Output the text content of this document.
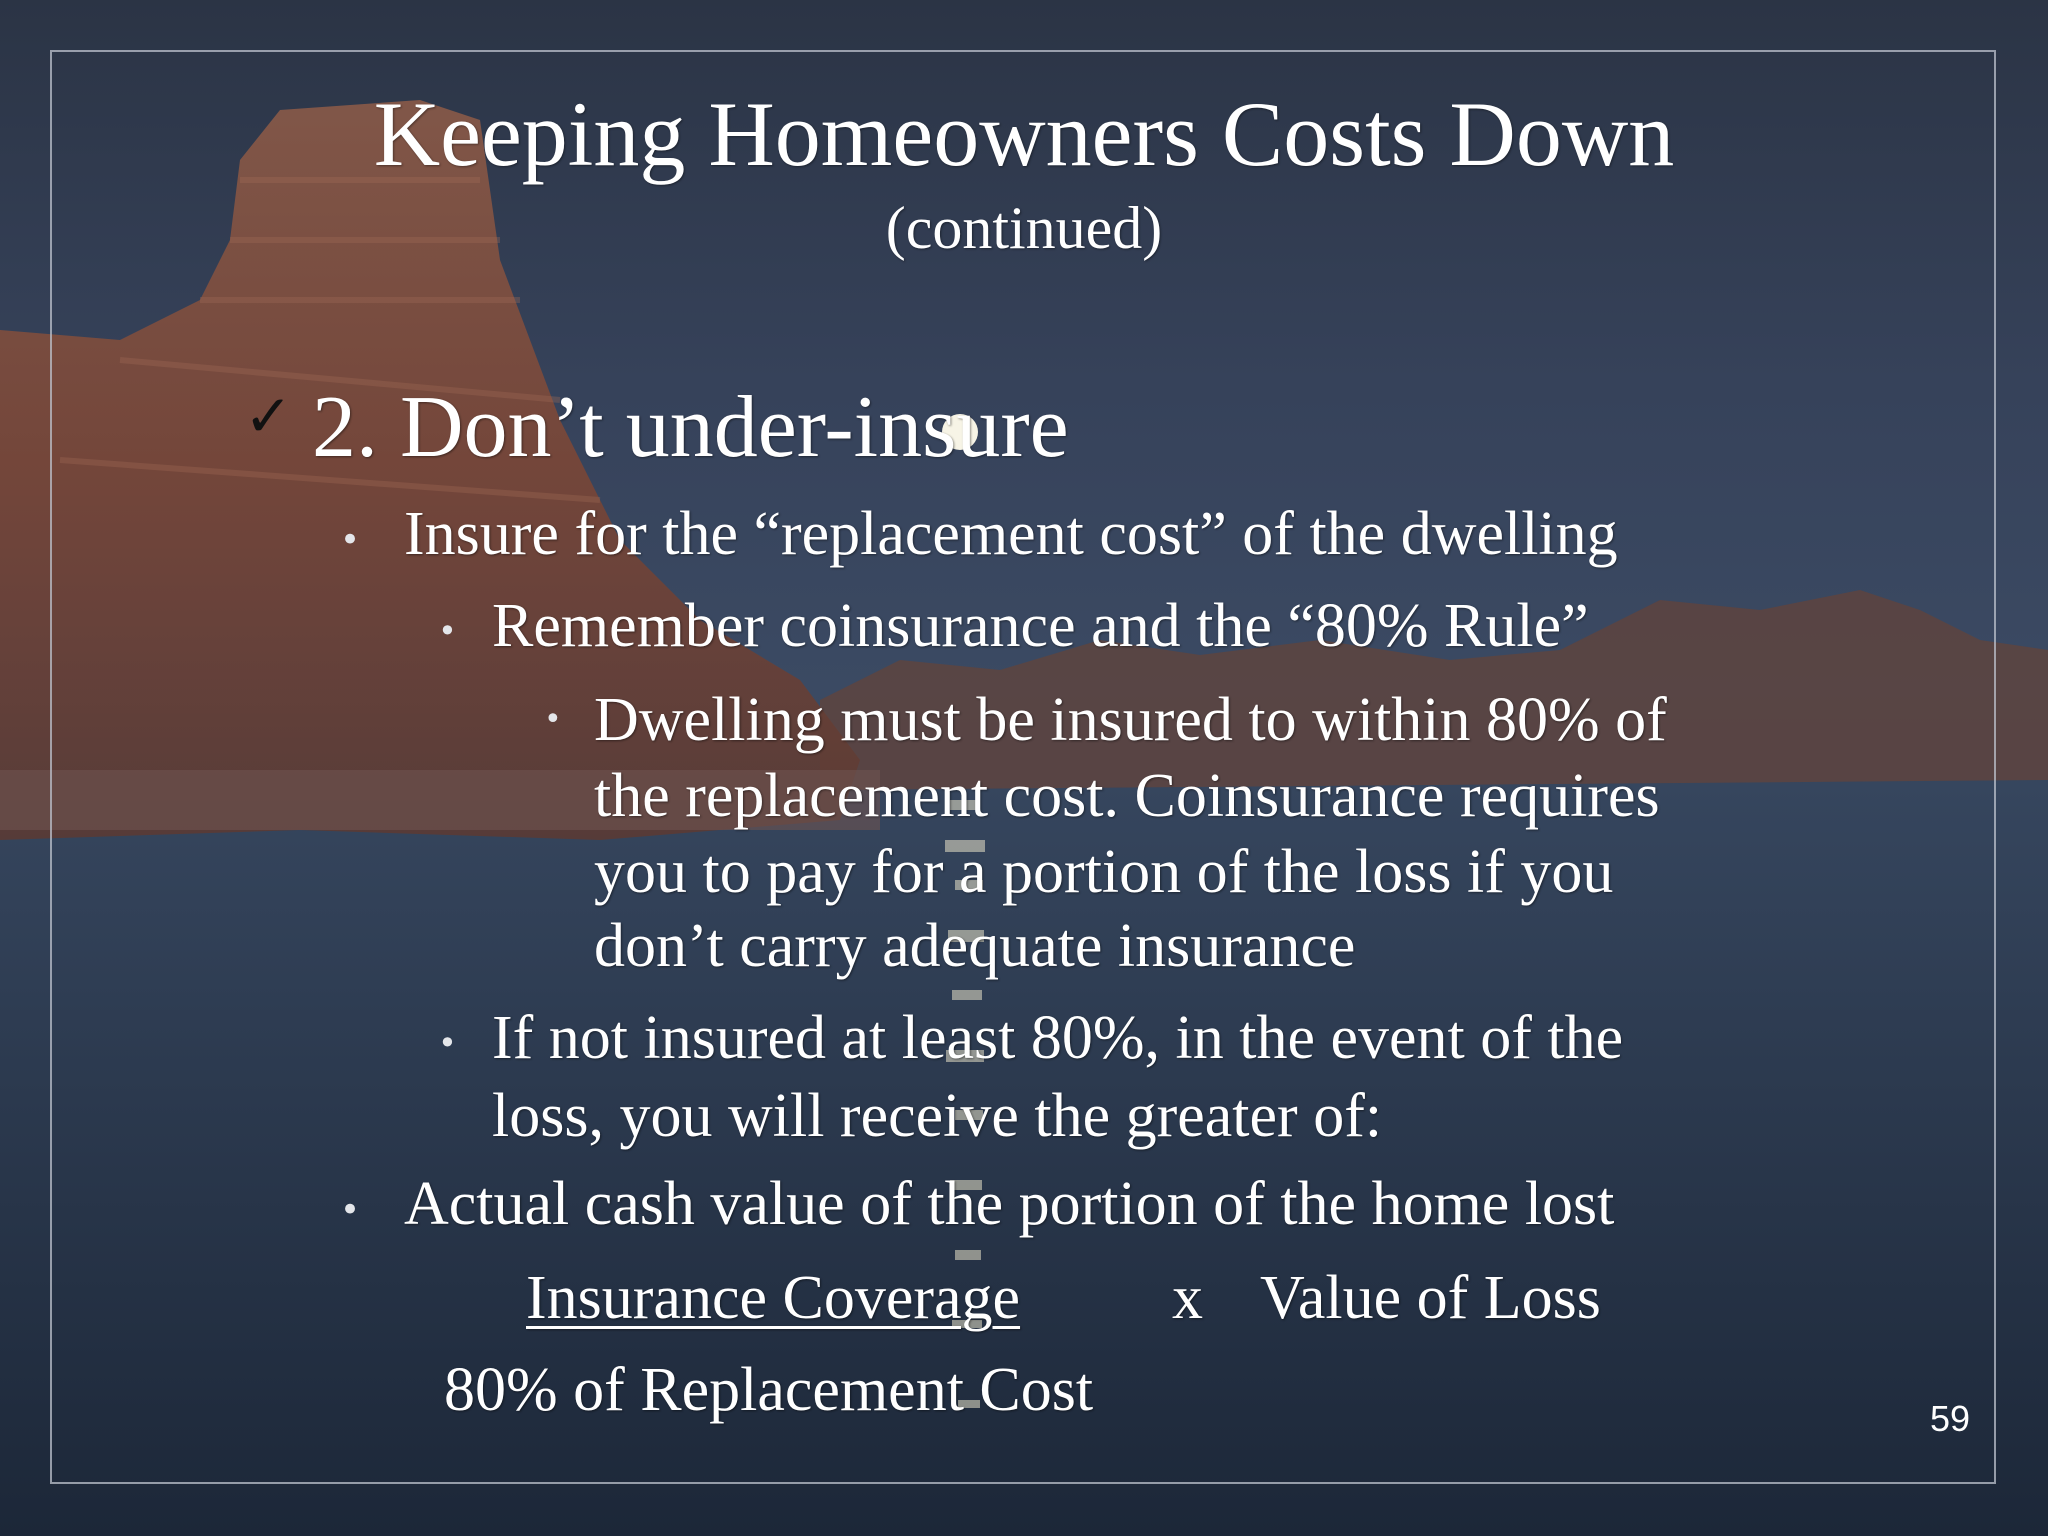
Keeping Homeowners Costs Down
(continued)
✓ 2. Don’t under-insure
• Insure for the “replacement cost” of the dwelling
• Remember coinsurance and the “80% Rule”
• Dwelling must be insured to within 80% of
the replacement cost. Coinsurance requires
you to pay for a portion of the loss if you
don’t carry adequate insurance
• If not insured at least 80%, in the event of the
loss, you will receive the greater of:
• Actual cash value of the portion of the home lost
Insurance Coverage x Value of Loss
80% of Replacement Cost	59
